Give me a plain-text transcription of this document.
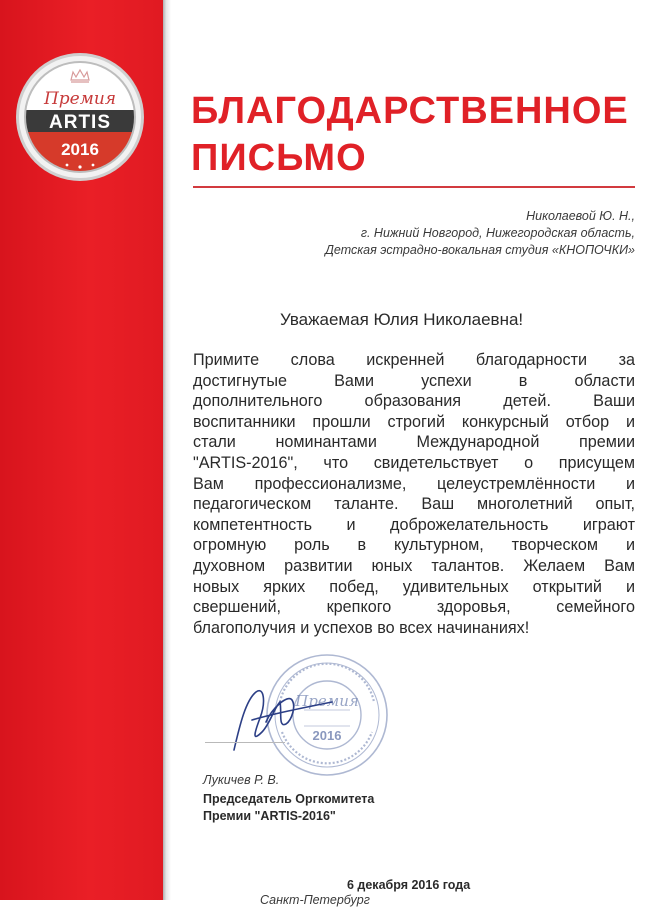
Премия
ARTIS
2016
БЛАГОДАРСТВЕННОЕ
ПИСЬМО
Николаевой Ю. Н.,
г. Нижний Новгород, Нижегородская область,
Детская эстрадно-вокальная студия «КНОПОЧКИ»
Уважаемая Юлия Николаевна!
Примите слова искренней благодарности за
достигнутые Вами успехи в области
дополнительного образования детей. Ваши
воспитанники прошли строгий конкурсный отбор и
стали номинантами Международной премии
"ARTIS-2016", что свидетельствует о присущем
Вам профессионализме, целеустремлённости и
педагогическом таланте. Ваш многолетний опыт,
компетентность и доброжелательность играют
огромную роль в культурном, творческом и
духовном развитии юных талантов. Желаем Вам
новых ярких побед, удивительных открытий и
свершений, крепкого здоровья, семейного
благополучия и успехов во всех начинаниях!
Премия
2016
Лукичев Р. В.
Председатель Оргкомитета
Премии "ARTIS-2016"
6 декабря 2016 года
Санкт-Петербург
